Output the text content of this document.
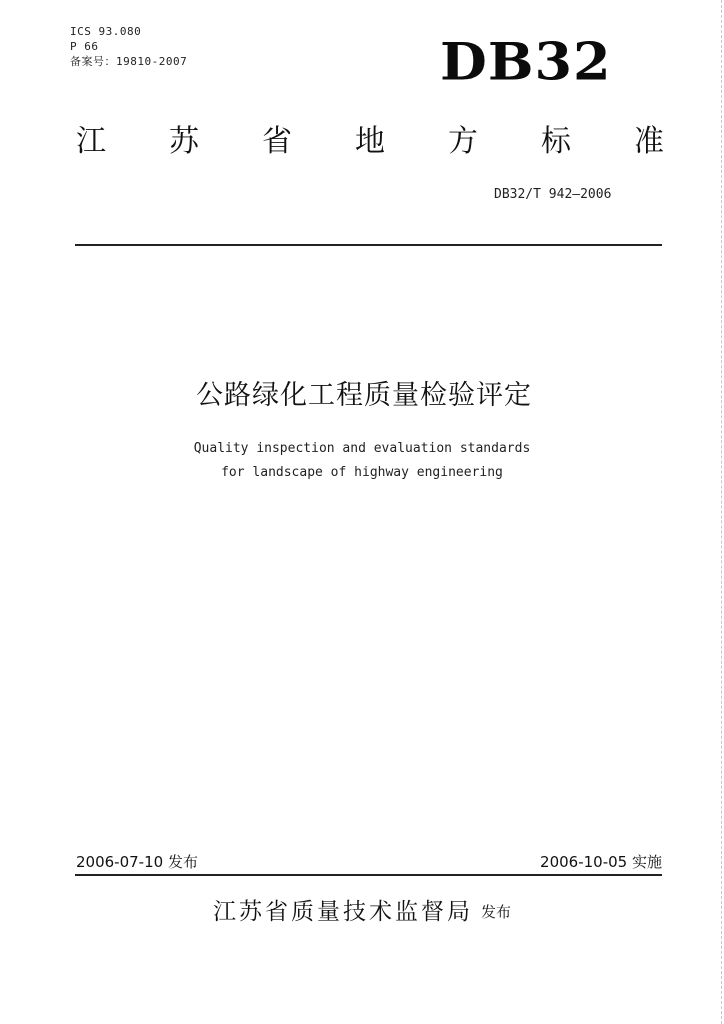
ICS 93.080
P 66
备案号：19810-2007	DB32
江 苏 省 地 方 标 准
DB32/T 942—2006
公路绿化工程质量检验评定
Quality inspection and evaluation standards
for landscape of highway engineering
2006-07-10 发布	2006-10-05 实施
江苏省质量技术监督局 发布
